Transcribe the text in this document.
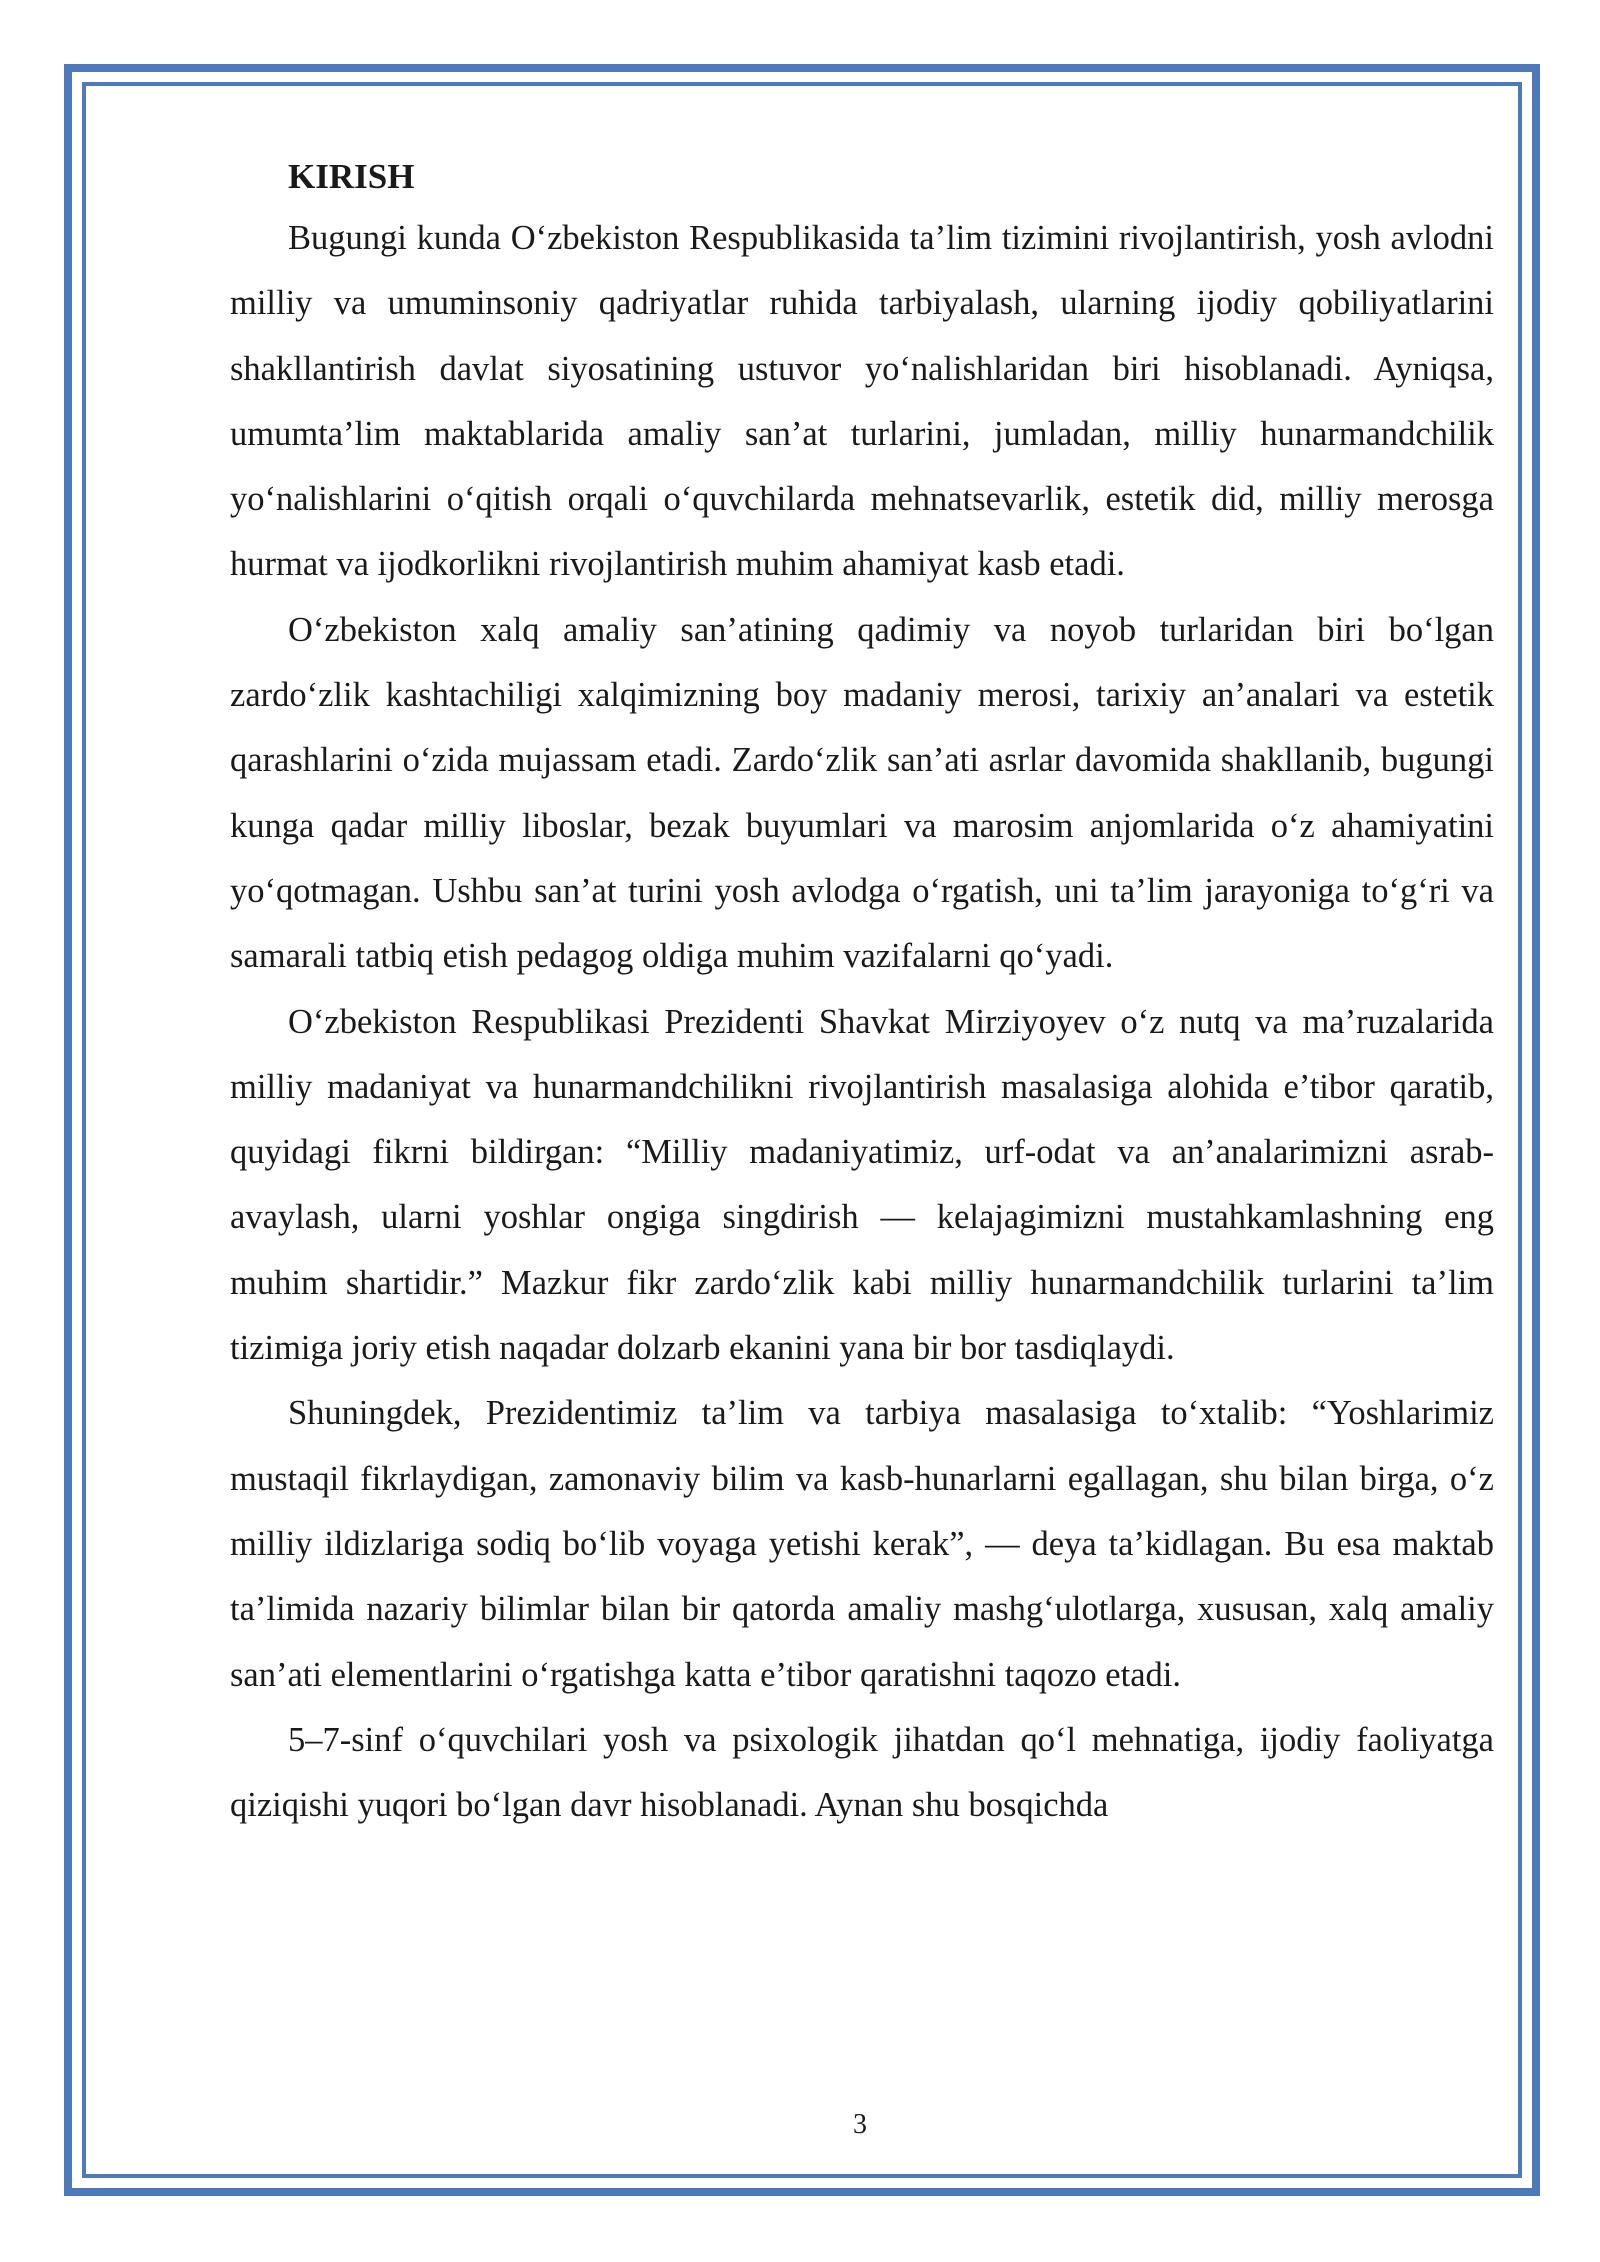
KIRISH

Bugungi kunda O‘zbekiston Respublikasida ta’lim tizimini rivojlantirish, yosh avlodni milliy va umuminsoniy qadriyatlar ruhida tarbiyalash, ularning ijodiy qobiliyatlarini shakllantirish davlat siyosatining ustuvor yo‘nalishlaridan biri hisoblanadi. Ayniqsa, umumta’lim maktablarida amaliy san’at turlarini, jumladan, milliy hunarmandchilik yo‘nalishlarini o‘qitish orqali o‘quvchilarda mehnatsevarlik, estetik did, milliy merosga hurmat va ijodkorlikni rivojlantirish muhim ahamiyat kasb etadi.

O‘zbekiston xalq amaliy san’atining qadimiy va noyob turlaridan biri bo‘lgan zardo‘zlik kashtachiligi xalqimizning boy madaniy merosi, tarixiy an’analari va estetik qarashlarini o‘zida mujassam etadi. Zardo‘zlik san’ati asrlar davomida shakllanib, bugungi kunga qadar milliy liboslar, bezak buyumlari va marosim anjomlarida o‘z ahamiyatini yo‘qotmagan. Ushbu san’at turini yosh avlodga o‘rgatish, uni ta’lim jarayoniga to‘g‘ri va samarali tatbiq etish pedagog oldiga muhim vazifalarni qo‘yadi.

O‘zbekiston Respublikasi Prezidenti Shavkat Mirziyoyev o‘z nutq va ma’ruzalarida milliy madaniyat va hunarmandchilikni rivojlantirish masalasiga alohida e’tibor qaratib, quyidagi fikrni bildirgan: “Milliy madaniyatimiz, urf-odat va an’analarimizni asrab-avaylash, ularni yoshlar ongiga singdirish — kelajagimizni mustahkamlashning eng muhim shartidir.” Mazkur fikr zardo‘zlik kabi milliy hunarmandchilik turlarini ta’lim tizimiga joriy etish naqadar dolzarb ekanini yana bir bor tasdiqlaydi.

Shuningdek, Prezidentimiz ta’lim va tarbiya masalasiga to‘xtalib: “Yoshlarimiz mustaqil fikrlaydigan, zamonaviy bilim va kasb-hunarlarni egallagan, shu bilan birga, o‘z milliy ildizlariga sodiq bo‘lib voyaga yetishi kerak”, — deya ta’kidlagan. Bu esa maktab ta’limida nazariy bilimlar bilan bir qatorda amaliy mashg‘ulotlarga, xususan, xalq amaliy san’ati elementlarini o‘rgatishga katta e’tibor qaratishni taqozo etadi.

5–7-sinf o‘quvchilari yosh va psixologik jihatdan qo‘l mehnatiga, ijodiy faoliyatga qiziqishi yuqori bo‘lgan davr hisoblanadi. Aynan shu bosqichda

3
